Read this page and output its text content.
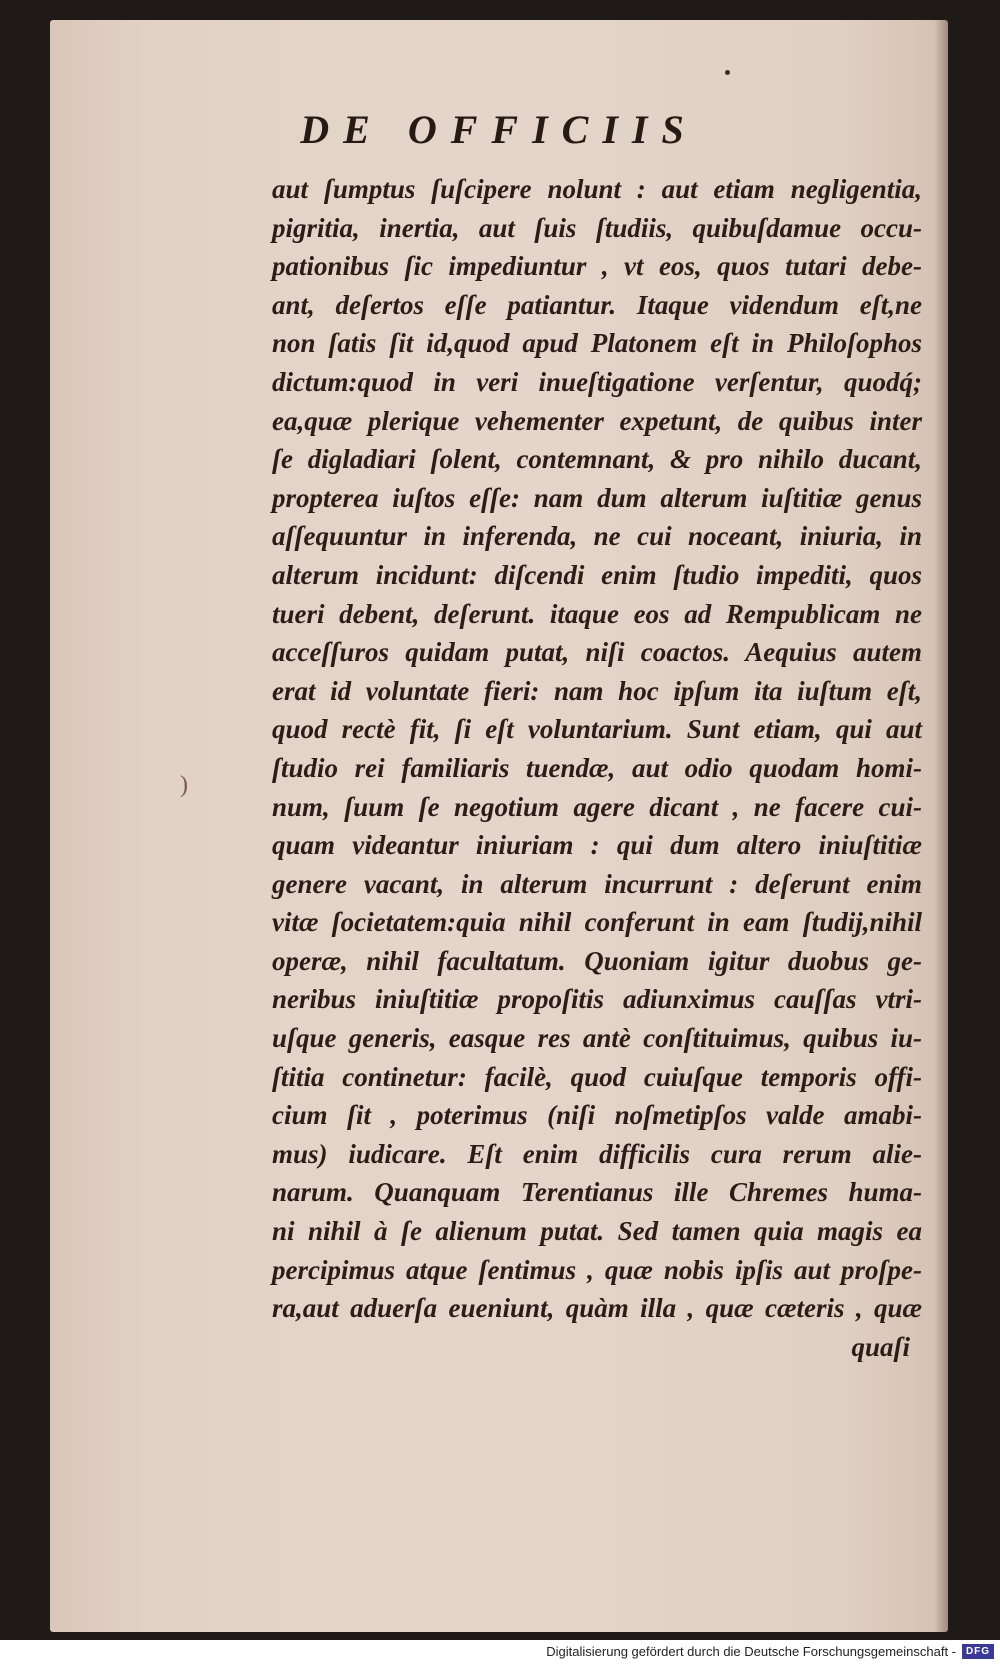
DE OFFICIIS
)
aut ſumptus ſuſcipere nolunt : aut etiam negligentia,
pigritia, inertia, aut ſuis ſtudiis, quibuſdamue occu-
pationibus ſic impediuntur , vt eos, quos tutari debe-
ant, deſertos eſſe patiantur. Itaque videndum eſt,ne
non ſatis ſit id,quod apud Platonem eſt in Philoſophos
dictum:quod in veri inueſtigatione verſentur, quodq́;
ea,quæ plerique vehementer expetunt, de quibus inter
ſe digladiari ſolent, contemnant, & pro nihilo ducant,
propterea iuſtos eſſe: nam dum alterum iuſtitiæ genus
aſſequuntur in inferenda, ne cui noceant, iniuria, in
alterum incidunt: diſcendi enim ſtudio impediti, quos
tueri debent, deſerunt. itaque eos ad Rempublicam ne
acceſſuros quidam putat, niſi coactos. Aequius autem
erat id voluntate fieri: nam hoc ipſum ita iuſtum eſt,
quod rectè fit, ſi eſt voluntarium. Sunt etiam, qui aut
ſtudio rei familiaris tuendæ, aut odio quodam homi-
num, ſuum ſe negotium agere dicant , ne facere cui-
quam videantur iniuriam : qui dum altero iniuſtitiæ
genere vacant, in alterum incurrunt : deſerunt enim
vitæ ſocietatem:quia nihil conferunt in eam ſtudij,nihil
operæ, nihil facultatum. Quoniam igitur duobus ge-
neribus iniuſtitiæ propoſitis adiunximus cauſſas vtri-
uſque generis, easque res antè conſtituimus, quibus iu-
ſtitia continetur: facilè, quod cuiuſque temporis offi-
cium ſit , poterimus (niſi noſmetipſos valde amabi-
mus) iudicare. Eſt enim difficilis cura rerum alie-
narum. Quanquam Terentianus ille Chremes huma-
ni nihil à ſe alienum putat. Sed tamen quia magis ea
percipimus atque ſentimus , quæ nobis ipſis aut proſpe-
ra,aut aduerſa eueniunt, quàm illa , quæ cæteris , quæ
quaſi
Digitalisierung gefördert durch die Deutsche Forschungsgemeinschaft - DFG
